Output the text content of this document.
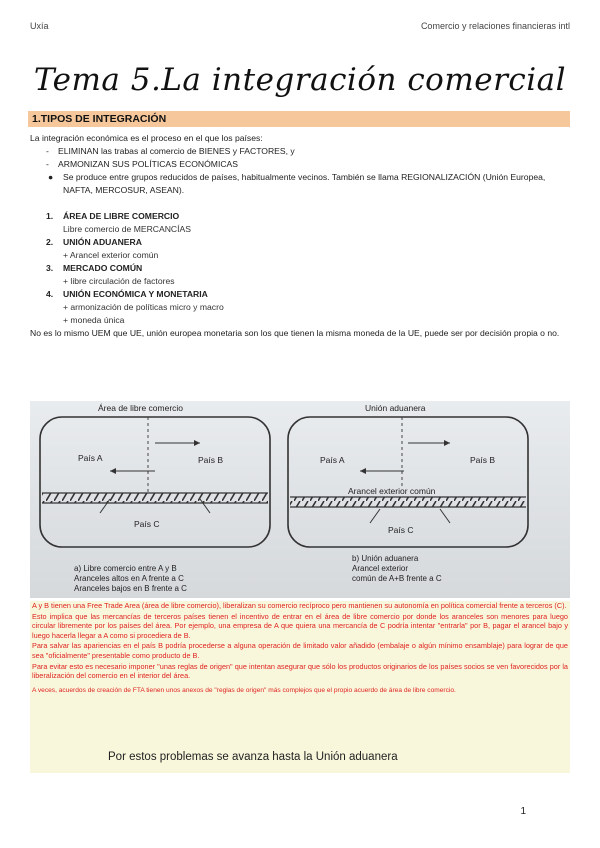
Uxía	Comercio y relaciones financieras intl
Tema 5.La integración comercial
1.TIPOS DE INTEGRACIÓN
La integración económica es el proceso en el que los países:
- ELIMINAN las trabas al comercio de BIENES y FACTORES, y
- ARMONIZAN SUS POLÍTICAS ECONÓMICAS
●	Se produce entre grupos reducidos de países, habitualmente vecinos. También se llama REGIONALIZACIÓN (Unión Europea, NAFTA, MERCOSUR, ASEAN).
1. ÁREA DE LIBRE COMERCIO
Libre comercio de MERCANCÍAS
2. UNIÓN ADUANERA
+ Arancel exterior común
3. MERCADO COMÚN
+ libre circulación de factores
4. UNIÓN ECONÓMICA Y MONETARIA
+ armonización de políticas micro y macro
+ moneda única
No es lo mismo UEM que UE, unión europea monetaria son los que tienen la misma moneda de la UE, puede ser por decisión propia o no.
Área de libre comercio
País A	País B
País C
a) Libre comercio entre A y B
Aranceles altos en A frente a C
Aranceles bajos en B frente a C
Unión aduanera
País A	País B
Arancel exterior común
País C
b) Unión aduanera
Arancel exterior
común de A+B frente a C
A y B tienen una Free Trade Area (área de libre comercio), liberalizan su comercio recíproco pero mantienen su autonomía en política comercial frente a terceros (C).
Esto implica que las mercancías de terceros países tienen el incentivo de entrar en el área de libre comercio por donde los aranceles son menores para luego circular libremente por los países del área. Por ejemplo, una empresa de A que quiera una mercancía de C podría intentar "entrarla" por B, pagar el arancel bajo y luego hacerla llegar a A como si procediera de B.
Para salvar las apariencias en el país B podría procederse a alguna operación de limitado valor añadido (embalaje o algún mínimo ensamblaje) para lograr de que sea "oficialmente" presentable como producto de B.
Para evitar esto es necesario imponer "unas reglas de origen" que intentan asegurar que sólo los productos originarios de los países socios se ven favorecidos por la liberalización del comercio en el interior del área.
A veces, acuerdos de creación de FTA tienen unos anexos de "reglas de origen" más complejos que el propio acuerdo de área de libre comercio.
Por estos problemas se avanza hasta la Unión aduanera
1
